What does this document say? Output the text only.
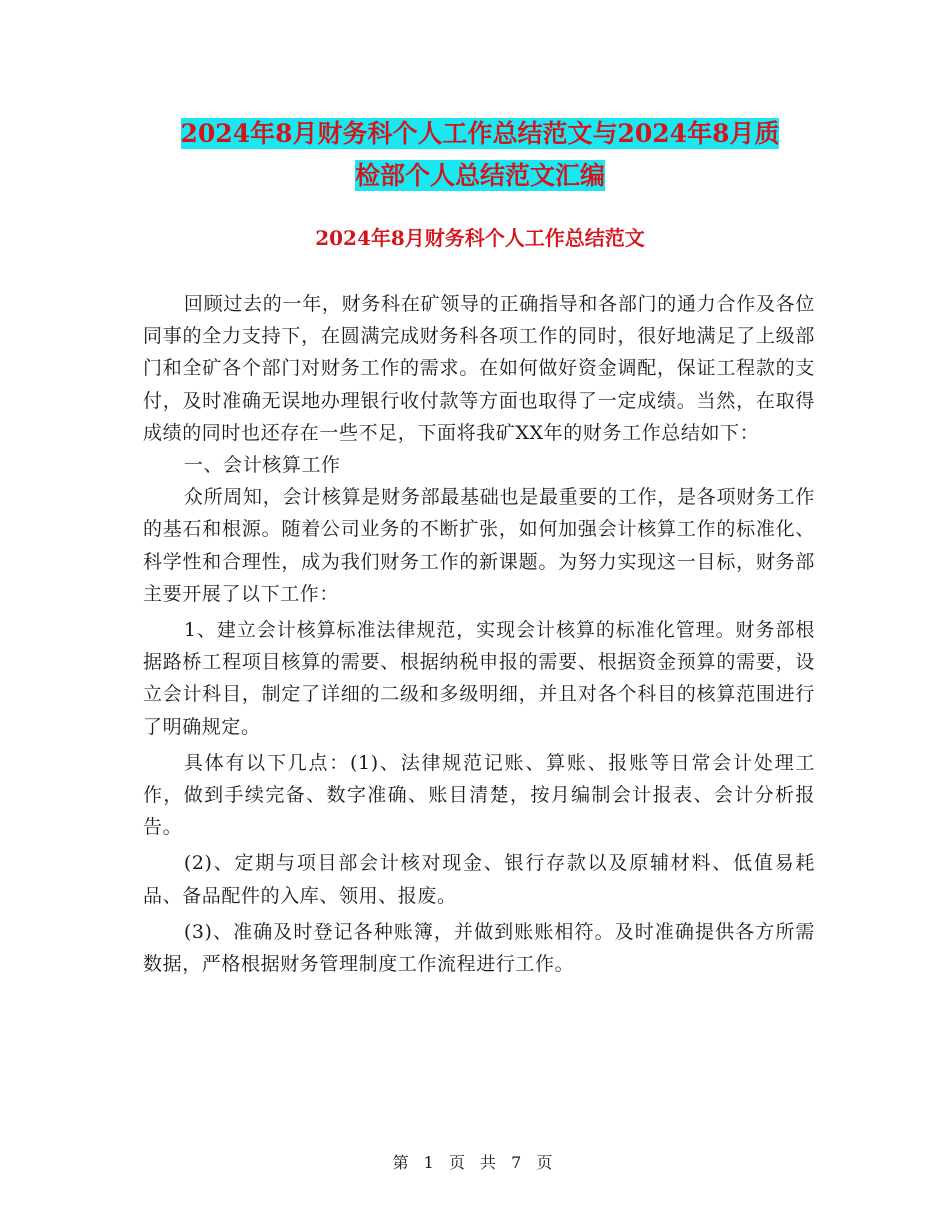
2024年8月财务科个人工作总结范文与2024年8月质
检部个人总结范文汇编
2024年8月财务科个人工作总结范文

回顾过去的一年，财务科在矿领导的正确指导和各部门的通力合作及各位同事的全力支持下，在圆满完成财务科各项工作的同时，很好地满足了上级部门和全矿各个部门对财务工作的需求。在如何做好资金调配，保证工程款的支付，及时准确无误地办理银行收付款等方面也取得了一定成绩。当然，在取得成绩的同时也还存在一些不足，下面将我矿XX年的财务工作总结如下：

一、会计核算工作

众所周知，会计核算是财务部最基础也是最重要的工作，是各项财务工作的基石和根源。随着公司业务的不断扩张，如何加强会计核算工作的标准化、科学性和合理性，成为我们财务工作的新课题。为努力实现这一目标，财务部主要开展了以下工作：

1、建立会计核算标准法律规范，实现会计核算的标准化管理。财务部根据路桥工程项目核算的需要、根据纳税申报的需要、根据资金预算的需要，设立会计科目，制定了详细的二级和多级明细，并且对各个科目的核算范围进行了明确规定。

具体有以下几点：(1)、法律规范记账、算账、报账等日常会计处理工作，做到手续完备、数字准确、账目清楚，按月编制会计报表、会计分析报告。

(2)、定期与项目部会计核对现金、银行存款以及原辅材料、低值易耗品、备品配件的入库、领用、报废。

(3)、准确及时登记各种账簿，并做到账账相符。及时准确提供各方所需数据，严格根据财务管理制度工作流程进行工作。

第 1 页 共 7 页
